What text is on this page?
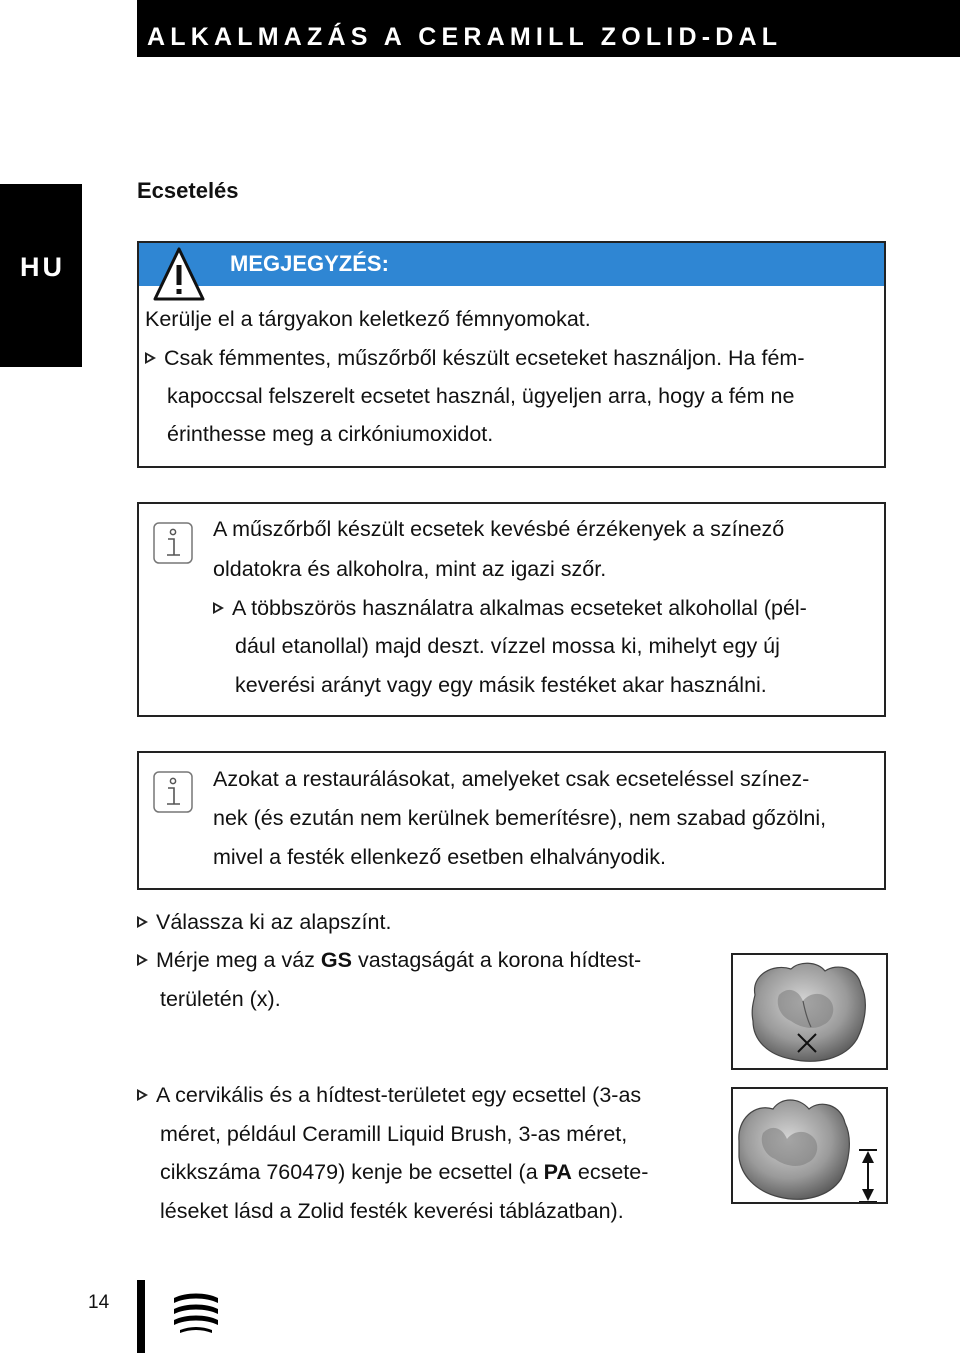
ALKALMAZÁS A CERAMILL ZOLID-DAL
HU
Ecsetelés
MEGJEGYZÉS:
Kerülje el a tárgyakon keletkező fémnyomokat.
Csak fémmentes, műszőrből készült ecseteket használjon. Ha fém-
kapoccsal felszerelt ecsetet használ, ügyeljen arra, hogy a fém ne
érinthesse meg a cirkóniumoxidot.
A műszőrből készült ecsetek kevésbé érzékenyek a színező
oldatokra és alkoholra, mint az igazi szőr.
A többszörös használatra alkalmas ecseteket alkohollal (pél-
dául etanollal) majd deszt. vízzel mossa ki, mihelyt egy új
keverési arányt vagy egy másik festéket akar használni.
Azokat a restaurálásokat, amelyeket csak ecseteléssel színez-
nek (és ezután nem kerülnek bemerítésre), nem szabad gőzölni,
mivel a festék ellenkező esetben elhalványodik.
Válassza ki az alapszínt.
Mérje meg a váz GS vastagságát a korona hídtest-
területén (x).
A cervikális és a hídtest-területet egy ecsettel (3-as
méret, például Ceramill Liquid Brush, 3-as méret,
cikkszáma 760479) kenje be ecsettel (a PA ecsete-
léseket lásd a Zolid festék keverési táblázatban).
14
